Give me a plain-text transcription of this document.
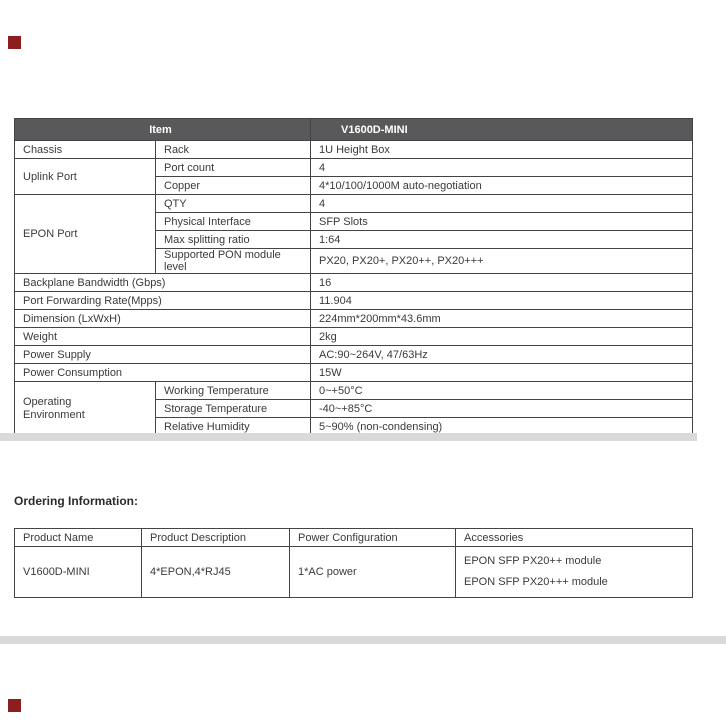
Item		V1600D-MINI
Chassis	Rack	1U Height Box
Uplink Port	Port count	4
	Copper	4*10/100/1000M auto-negotiation
EPON Port	QTY	4
	Physical Interface	SFP Slots
	Max splitting ratio	1:64
	Supported PON module level	PX20, PX20+, PX20++, PX20+++
Backplane Bandwidth (Gbps)		16
Port Forwarding Rate(Mpps)		11.904
Dimension (LxWxH)		224mm*200mm*43.6mm
Weight		2kg
Power Supply		AC:90~264V, 47/63Hz
Power Consumption		15W
Operating Environment	Working Temperature	0~+50°C
	Storage Temperature	-40~+85°C
	Relative Humidity	5~90% (non-condensing)
Ordering Information:
Product Name	Product Description	Power Configuration	Accessories
V1600D-MINI	4*EPON,4*RJ45	1*AC power	EPON SFP PX20++ module
EPON SFP PX20+++ module
